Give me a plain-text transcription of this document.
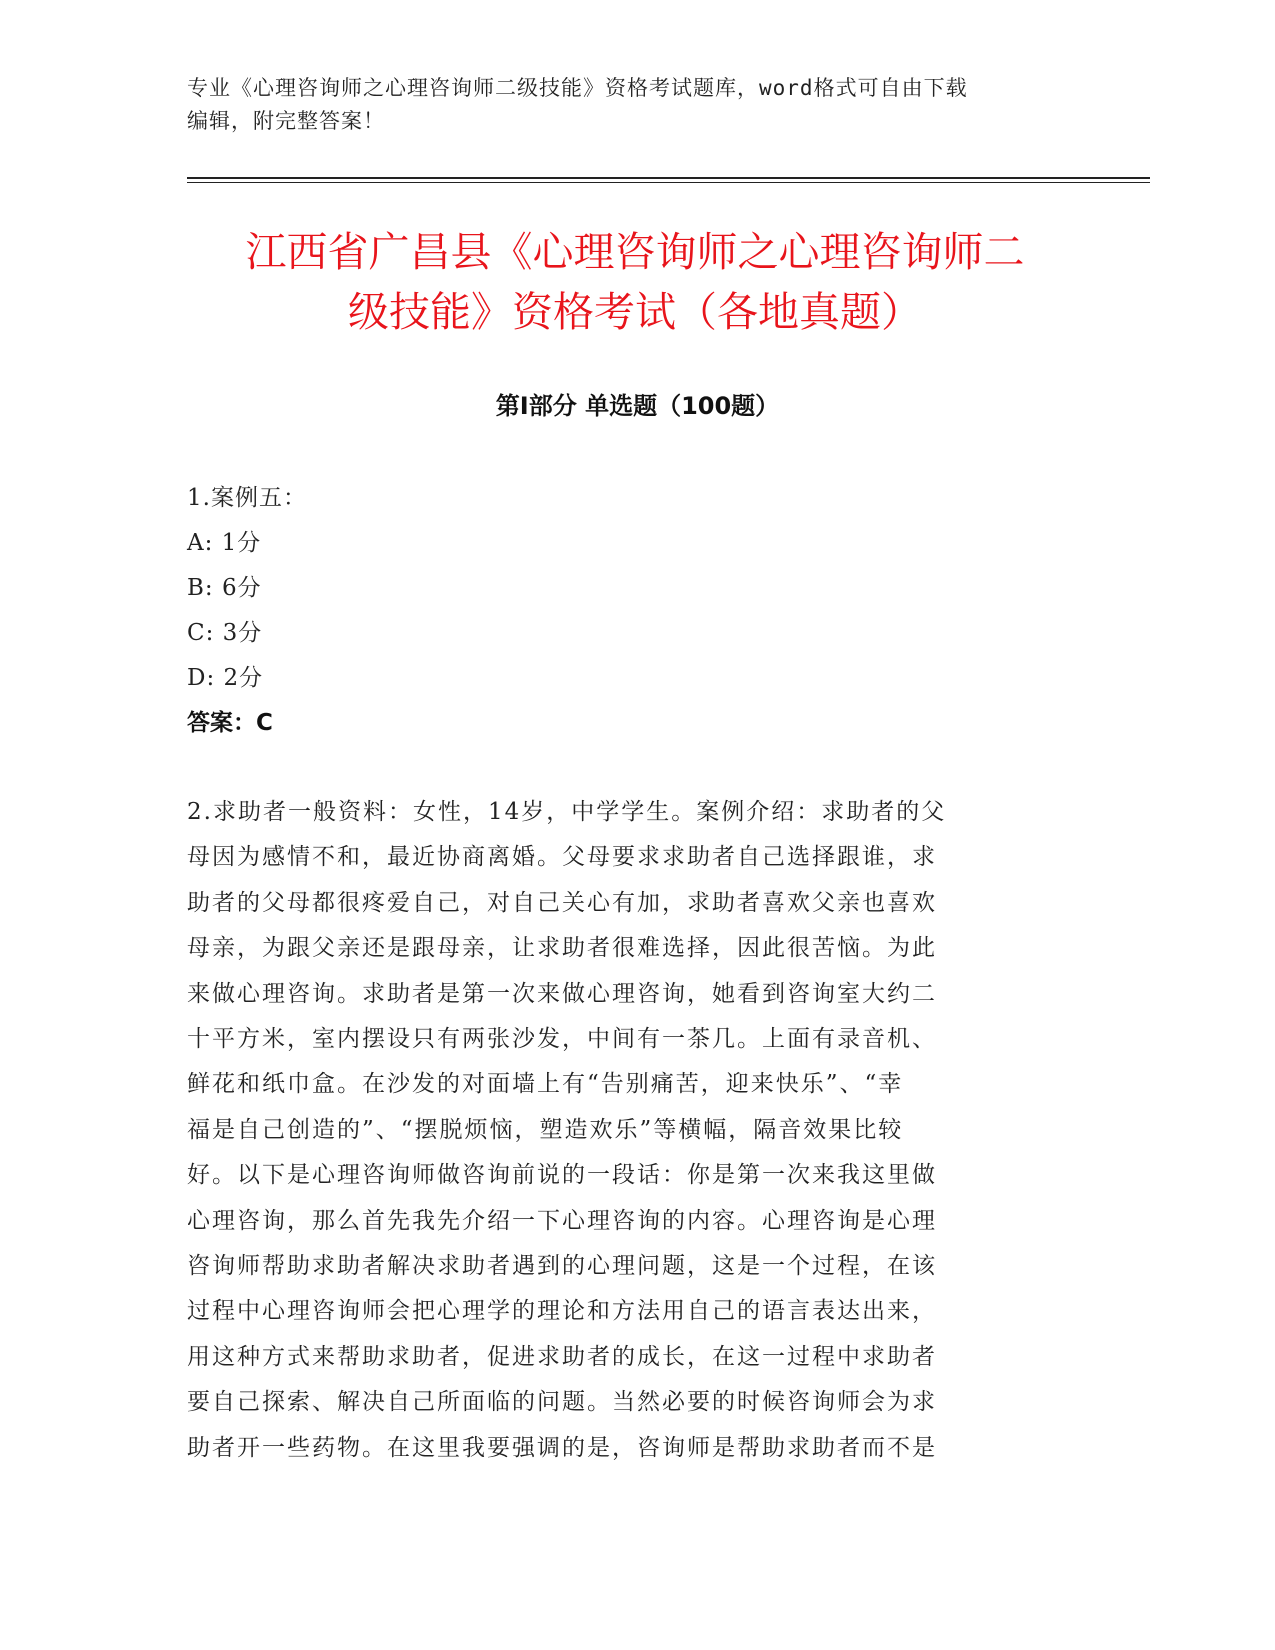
专业《心理咨询师之心理咨询师二级技能》资格考试题库，word格式可自由下载
编辑，附完整答案！
江西省广昌县《心理咨询师之心理咨询师二
级技能》资格考试（各地真题）
第Ⅰ部分 单选题（100题）
1.案例五：
A: 1分
B: 6分
C: 3分
D: 2分
答案：C
2.求助者一般资料：女性，14岁，中学学生。案例介绍：求助者的父
母因为感情不和，最近协商离婚。父母要求求助者自己选择跟谁，求
助者的父母都很疼爱自己，对自己关心有加，求助者喜欢父亲也喜欢
母亲，为跟父亲还是跟母亲，让求助者很难选择，因此很苦恼。为此
来做心理咨询。求助者是第一次来做心理咨询，她看到咨询室大约二
十平方米，室内摆设只有两张沙发，中间有一茶几。上面有录音机、
鲜花和纸巾盒。在沙发的对面墙上有“告别痛苦，迎来快乐”、“幸
福是自己创造的”、“摆脱烦恼，塑造欢乐”等横幅，隔音效果比较
好。以下是心理咨询师做咨询前说的一段话：你是第一次来我这里做
心理咨询，那么首先我先介绍一下心理咨询的内容。心理咨询是心理
咨询师帮助求助者解决求助者遇到的心理问题，这是一个过程，在该
过程中心理咨询师会把心理学的理论和方法用自己的语言表达出来，
用这种方式来帮助求助者，促进求助者的成长，在这一过程中求助者
要自己探索、解决自己所面临的问题。当然必要的时候咨询师会为求
助者开一些药物。在这里我要强调的是，咨询师是帮助求助者而不是
